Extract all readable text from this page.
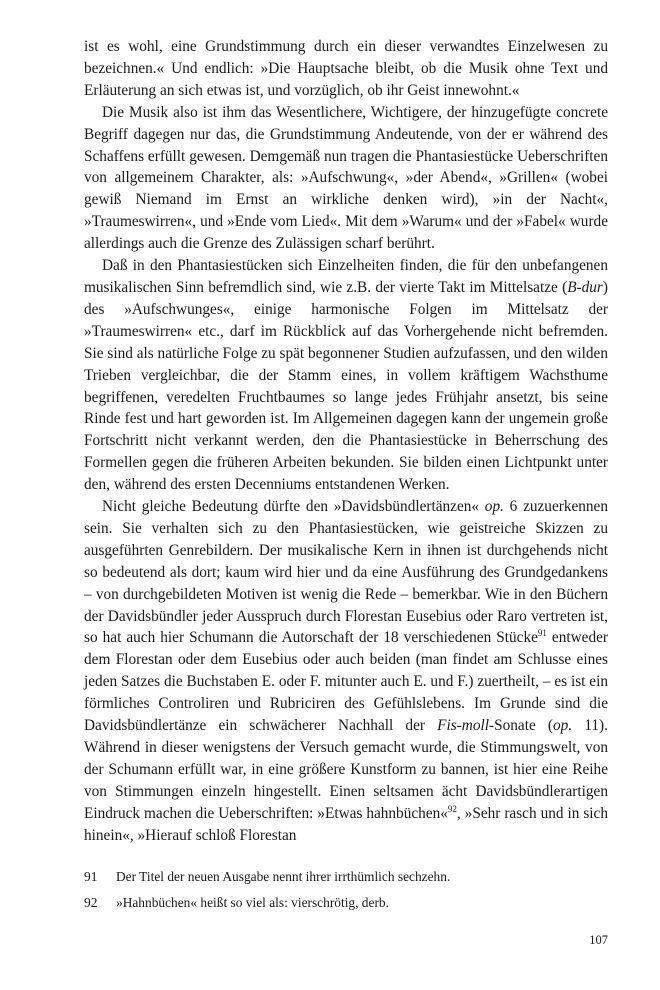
ist es wohl, eine Grundstimmung durch ein dieser verwandtes Einzelwesen zu bezeichnen.« Und endlich: »Die Hauptsache bleibt, ob die Musik ohne Text und Erläuterung an sich etwas ist, und vorzüglich, ob ihr Geist innewohnt.«

Die Musik also ist ihm das Wesentlichere, Wichtigere, der hinzugefügte concrete Begriff dagegen nur das, die Grundstimmung Andeutende, von der er während des Schaffens erfüllt gewesen. Demgemäß nun tragen die Phantasiestücke Ueberschriften von allgemeinem Charakter, als: »Aufschwung«, »der Abend«, »Grillen« (wobei gewiß Niemand im Ernst an wirkliche denken wird), »in der Nacht«, »Traumeswirren«, und »Ende vom Lied«. Mit dem »Warum« und der »Fabel« wurde allerdings auch die Grenze des Zulässigen scharf berührt.

Daß in den Phantasiestücken sich Einzelheiten finden, die für den unbefangenen musikalischen Sinn befremdlich sind, wie z.B. der vierte Takt im Mittelsatze (B-dur) des »Aufschwunges«, einige harmonische Folgen im Mittelsatz der »Traumeswirren« etc., darf im Rückblick auf das Vorhergehende nicht befremden. Sie sind als natürliche Folge zu spät begonnener Studien aufzufassen, und den wilden Trieben vergleichbar, die der Stamm eines, in vollem kräftigem Wachsthume begriffenen, veredelten Fruchtbaumes so lange jedes Frühjahr ansetzt, bis seine Rinde fest und hart geworden ist. Im Allgemeinen dagegen kann der ungemein große Fortschritt nicht verkannt werden, den die Phantasiestücke in Beherrschung des Formellen gegen die früheren Arbeiten bekunden. Sie bilden einen Lichtpunkt unter den, während des ersten Decenniums entstandenen Werken.

Nicht gleiche Bedeutung dürfte den »Davidsbündlertänzen« op. 6 zuzuerkennen sein. Sie verhalten sich zu den Phantasiestücken, wie geistreiche Skizzen zu ausgeführten Genrebildern. Der musikalische Kern in ihnen ist durchgehends nicht so bedeutend als dort; kaum wird hier und da eine Ausführung des Grundgedankens – von durchgebildeten Motiven ist wenig die Rede – bemerkbar. Wie in den Büchern der Davidsbündler jeder Ausspruch durch Florestan Eusebius oder Raro vertreten ist, so hat auch hier Schumann die Autorschaft der 18 verschiedenen Stücke$^{91}$ entweder dem Florestan oder dem Eusebius oder auch beiden (man findet am Schlusse eines jeden Satzes die Buchstaben E. oder F. mitunter auch E. und F.) zuertheilt, – es ist ein förmliches Controliren und Rubriciren des Gefühlslebens. Im Grunde sind die Davidsbündlertänze ein schwächerer Nachhall der Fis-moll-Sonate (op. 11). Während in dieser wenigstens der Versuch gemacht wurde, die Stimmungswelt, von der Schumann erfüllt war, in eine größere Kunstform zu bannen, ist hier eine Reihe von Stimmungen einzeln hingestellt. Einen seltsamen ächt Davidsbündlerartigen Eindruck machen die Ueberschriften: »Etwas hahnbüchen«$^{92}$, »Sehr rasch und in sich hinein«, »Hierauf schloß Florestan

91	Der Titel der neuen Ausgabe nennt ihrer irrthümlich sechzehn.
92	»Hahnbüchen« heißt so viel als: vierschrötig, derb.
107
